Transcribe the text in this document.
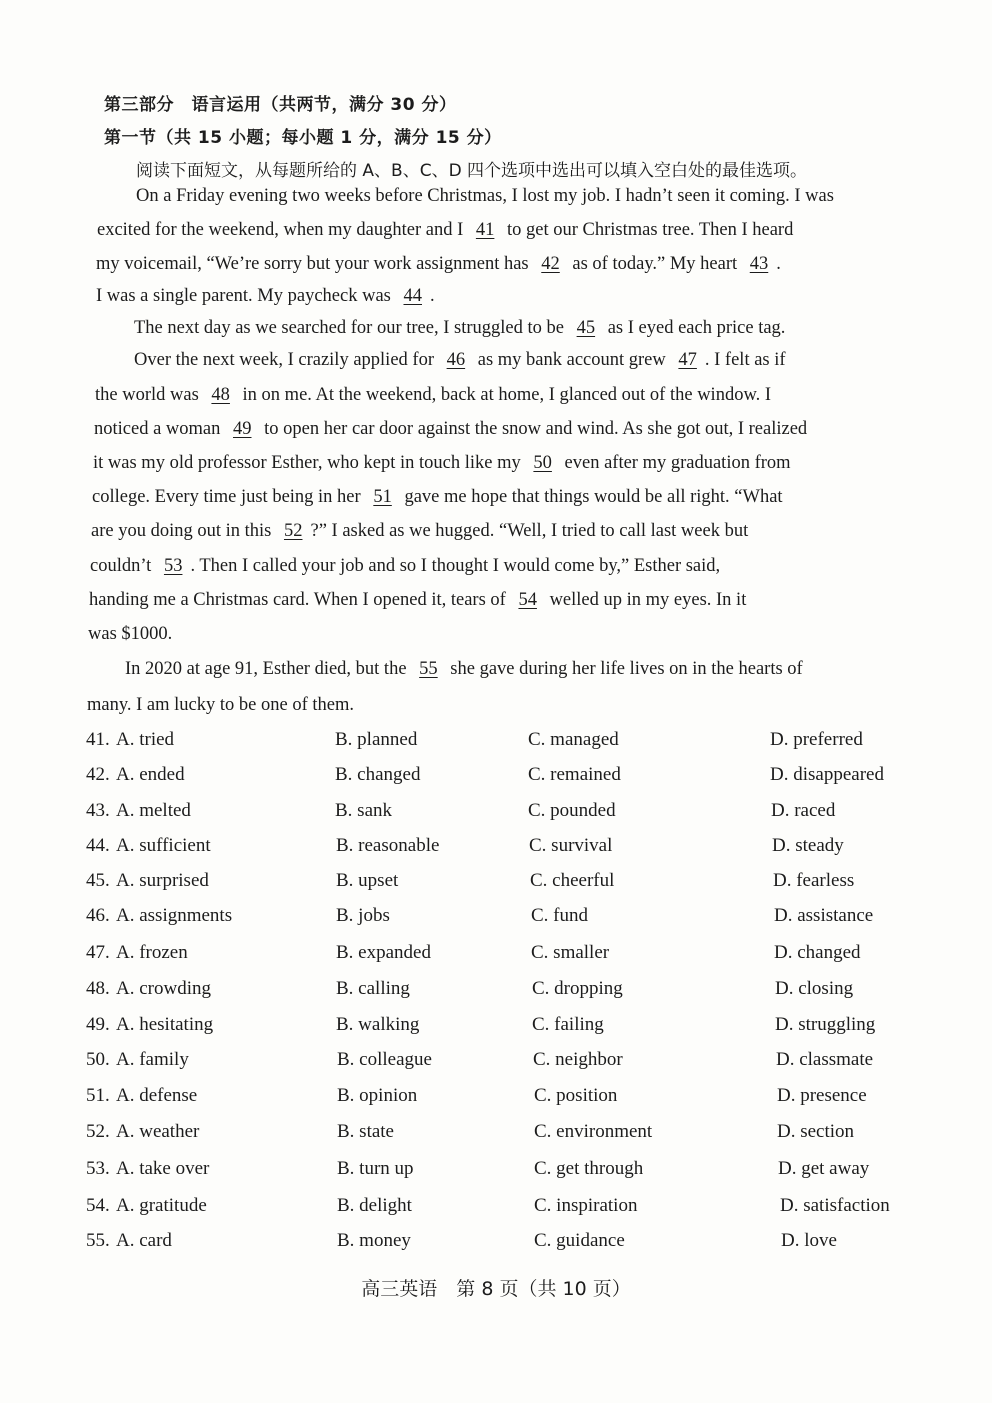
第三部分　语言运用（共两节，满分 30 分）
第一节（共 15 小题；每小题 1 分，满分 15 分）
阅读下面短文，从每题所给的 A、B、C、D 四个选项中选出可以填入空白处的最佳选项。
On a Friday evening two weeks before Christmas, I lost my job. I hadn’t seen it coming. I was
excited for the weekend, when my daughter and I 41 to get our Christmas tree. Then I heard
my voicemail, “We’re sorry but your work assignment has 42 as of today.” My heart 43 .
I was a single parent. My paycheck was 44 .
The next day as we searched for our tree, I struggled to be 45 as I eyed each price tag.
Over the next week, I crazily applied for 46 as my bank account grew 47 . I felt as if
the world was 48 in on me. At the weekend, back at home, I glanced out of the window. I
noticed a woman 49 to open her car door against the snow and wind. As she got out, I realized
it was my old professor Esther, who kept in touch like my 50 even after my graduation from
college. Every time just being in her 51 gave me hope that things would be all right. “What
are you doing out in this 52 ?” I asked as we hugged. “Well, I tried to call last week but
couldn’t 53 . Then I called your job and so I thought I would come by,” Esther said,
handing me a Christmas card. When I opened it, tears of 54 welled up in my eyes. In it
was $1000.
In 2020 at age 91, Esther died, but the 55 she gave during her life lives on in the hearts of
many. I am lucky to be one of them.
41. A. tried	B. planned	C. managed	D. preferred
42. A. ended	B. changed	C. remained	D. disappeared
43. A. melted	B. sank	C. pounded	D. raced
44. A. sufficient	B. reasonable	C. survival	D. steady
45. A. surprised	B. upset	C. cheerful	D. fearless
46. A. assignments	B. jobs	C. fund	D. assistance
47. A. frozen	B. expanded	C. smaller	D. changed
48. A. crowding	B. calling	C. dropping	D. closing
49. A. hesitating	B. walking	C. failing	D. struggling
50. A. family	B. colleague	C. neighbor	D. classmate
51. A. defense	B. opinion	C. position	D. presence
52. A. weather	B. state	C. environment	D. section
53. A. take over	B. turn up	C. get through	D. get away
54. A. gratitude	B. delight	C. inspiration	D. satisfaction
55. A. card	B. money	C. guidance	D. love
高三英语　第 8 页（共 10 页）
